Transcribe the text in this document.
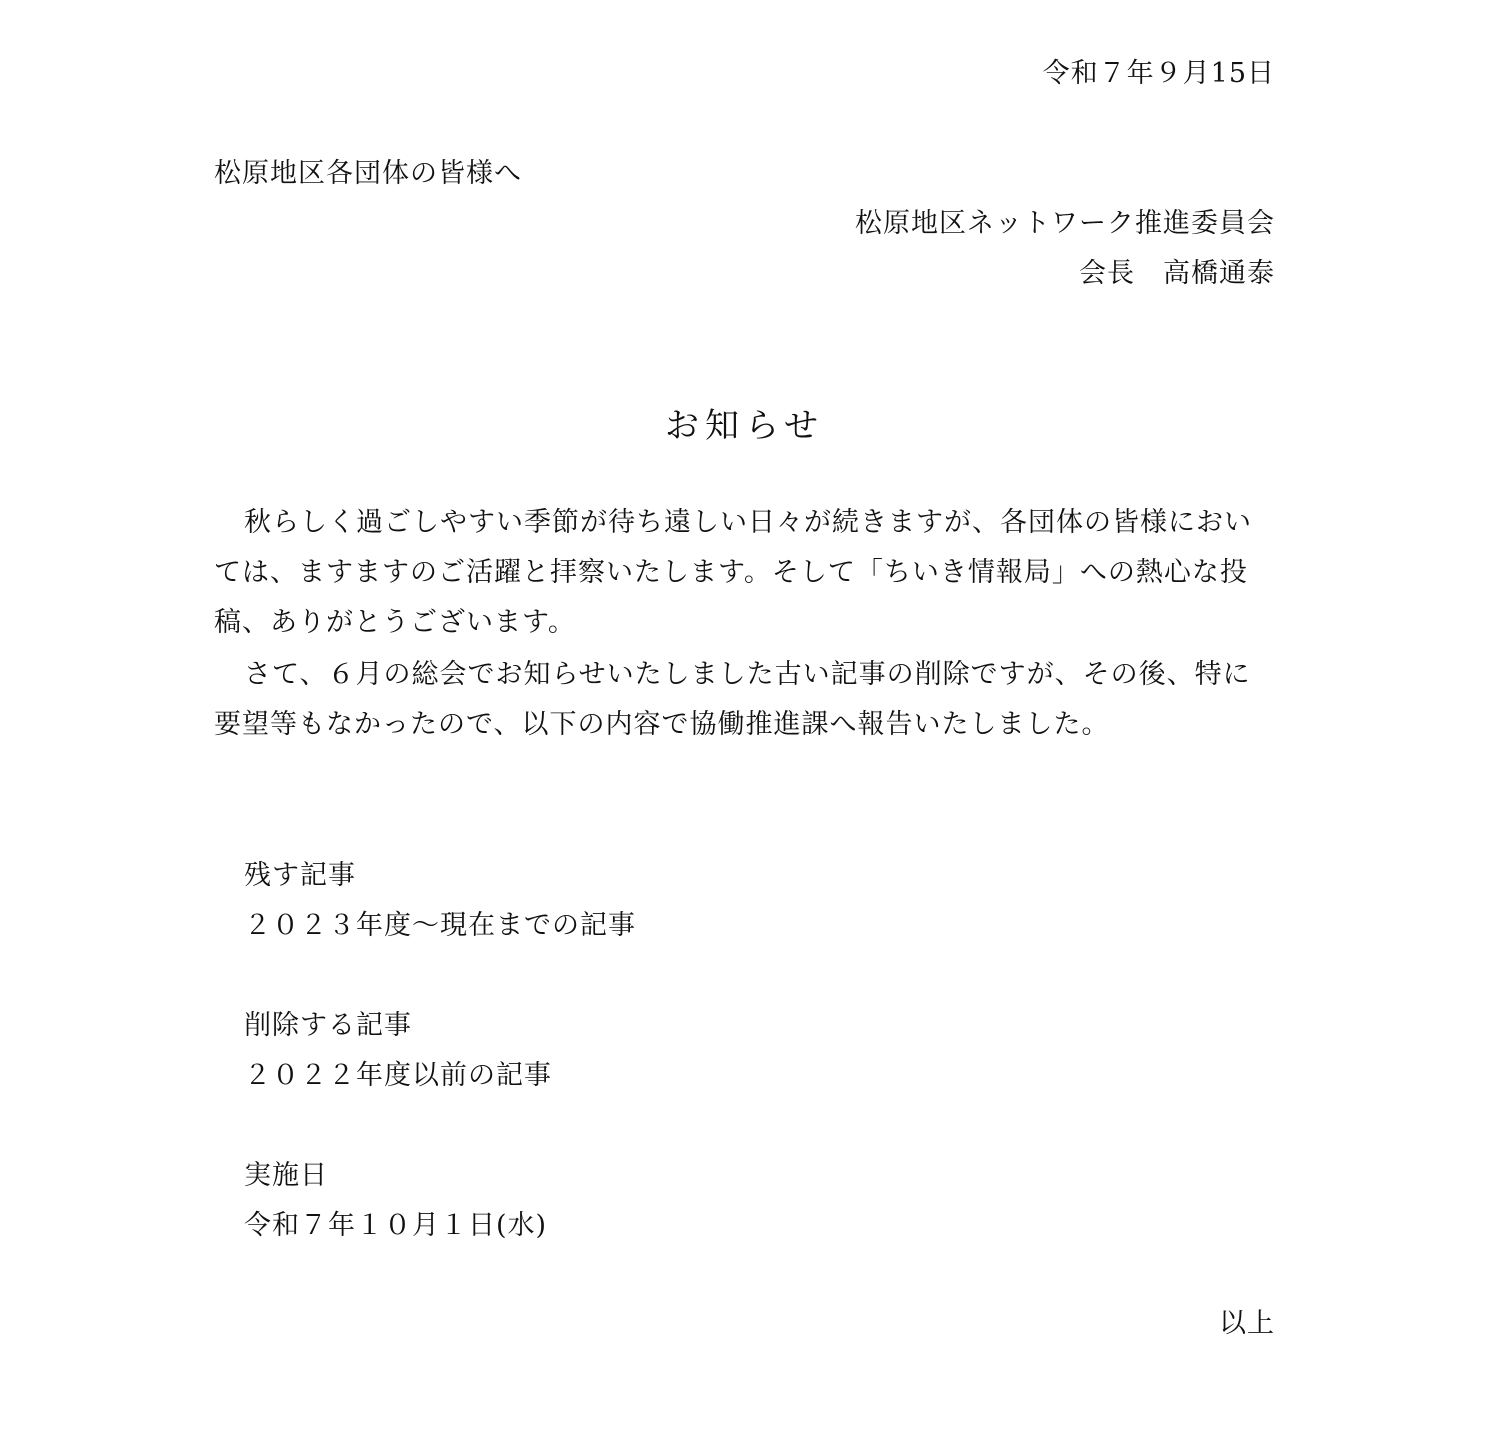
令和７年９月15日
松原地区各団体の皆様へ
松原地区ネットワーク推進委員会
会長　高橋通泰
お知らせ

秋らしく過ごしやすい季節が待ち遠しい日々が続きますが、各団体の皆様においては、ますますのご活躍と拝察いたします。そして「ちいき情報局」への熱心な投稿、ありがとうございます。

さて、６月の総会でお知らせいたしました古い記事の削除ですが、その後、特に要望等もなかったので、以下の内容で協働推進課へ報告いたしました。

残す記事
２０２３年度～現在までの記事
削除する記事
２０２２年度以前の記事
実施日
令和７年１０月１日(水)
以上
